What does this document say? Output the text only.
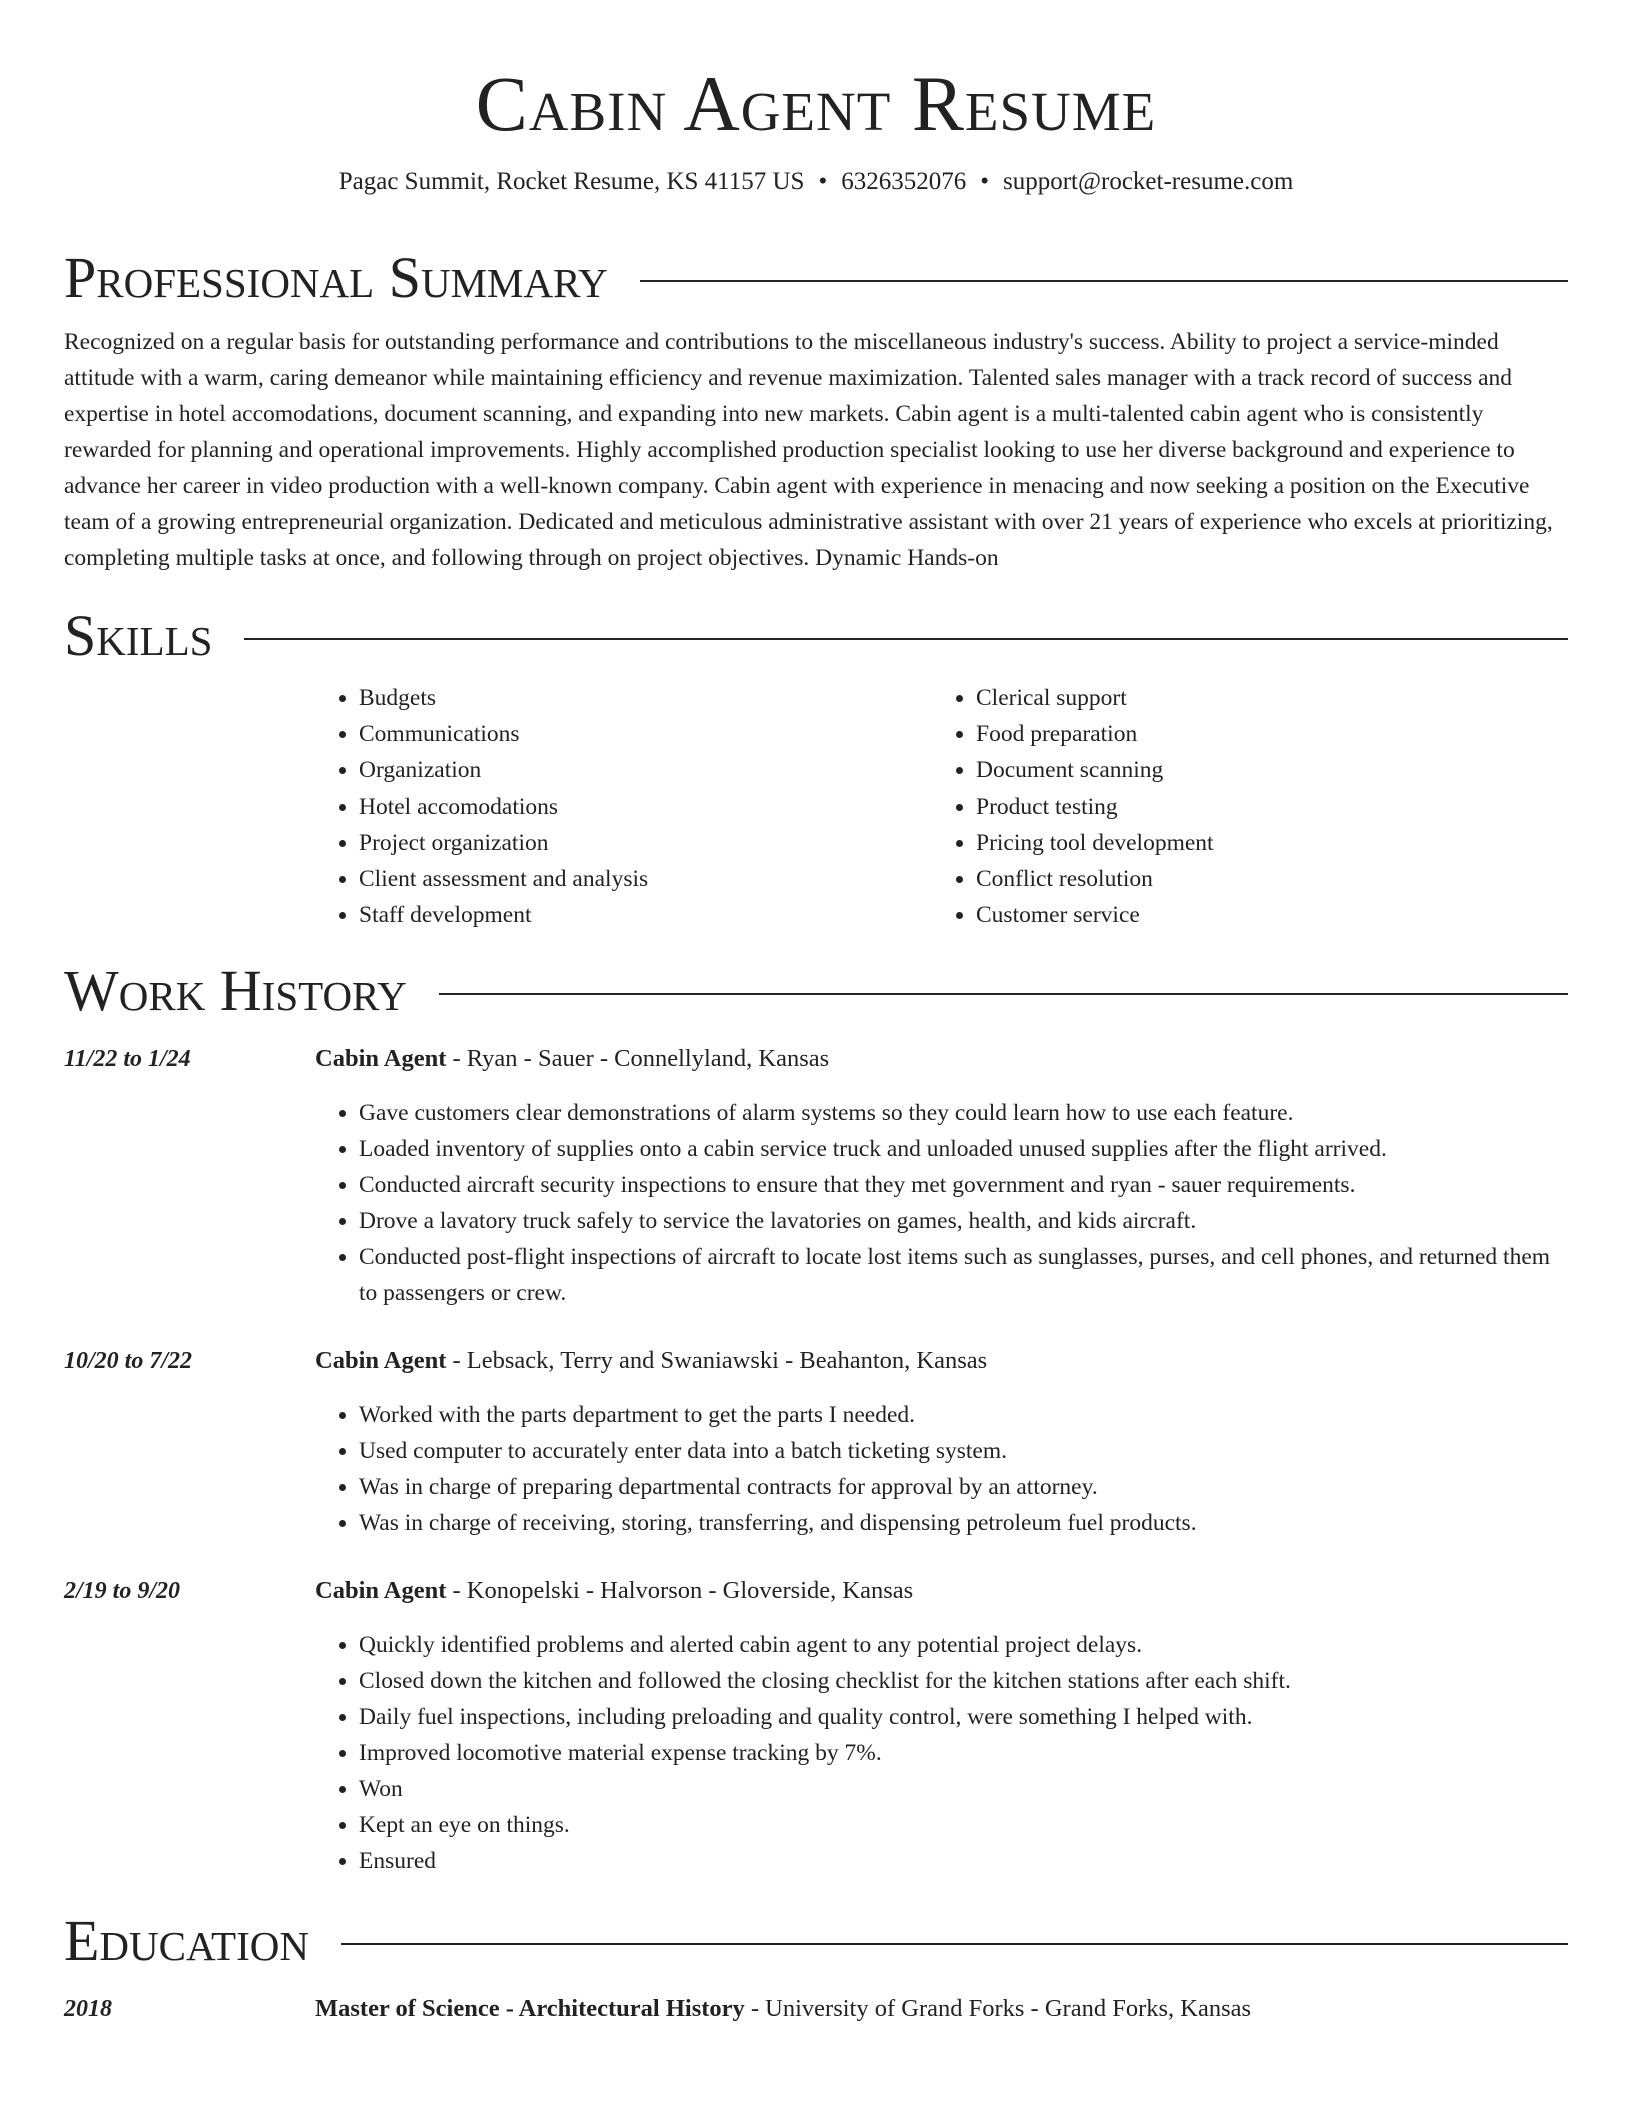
Cabin Agent Resume
Pagac Summit, Rocket Resume, KS 41157 US • 6326352076 • support@rocket-resume.com
Professional Summary

Recognized on a regular basis for outstanding performance and contributions to the miscellaneous industry's success. Ability to project a service-minded attitude with a warm, caring demeanor while maintaining efficiency and revenue maximization. Talented sales manager with a track record of success and expertise in hotel accomodations, document scanning, and expanding into new markets. Cabin agent is a multi-talented cabin agent who is consistently rewarded for planning and operational improvements. Highly accomplished production specialist looking to use her diverse background and experience to advance her career in video production with a well-known company. Cabin agent with experience in menacing and now seeking a position on the Executive team of a growing entrepreneurial organization. Dedicated and meticulous administrative assistant with over 21 years of experience who excels at prioritizing, completing multiple tasks at once, and following through on project objectives. Dynamic Hands-on

Skills
• Budgets
• Communications
• Organization
• Hotel accomodations
• Project organization
• Client assessment and analysis
• Staff development
• Clerical support
• Food preparation
• Document scanning
• Product testing
• Pricing tool development
• Conflict resolution
• Customer service
Work History
11/22 to 1/24	Cabin Agent - Ryan - Sauer - Connellyland, Kansas
• Gave customers clear demonstrations of alarm systems so they could learn how to use each feature.
• Loaded inventory of supplies onto a cabin service truck and unloaded unused supplies after the flight arrived.
• Conducted aircraft security inspections to ensure that they met government and ryan - sauer requirements.
• Drove a lavatory truck safely to service the lavatories on games, health, and kids aircraft.
• Conducted post-flight inspections of aircraft to locate lost items such as sunglasses, purses, and cell phones, and returned them to passengers or crew.
10/20 to 7/22	Cabin Agent - Lebsack, Terry and Swaniawski - Beahanton, Kansas
• Worked with the parts department to get the parts I needed.
• Used computer to accurately enter data into a batch ticketing system.
• Was in charge of preparing departmental contracts for approval by an attorney.
• Was in charge of receiving, storing, transferring, and dispensing petroleum fuel products.
2/19 to 9/20	Cabin Agent - Konopelski - Halvorson - Gloverside, Kansas
• Quickly identified problems and alerted cabin agent to any potential project delays.
• Closed down the kitchen and followed the closing checklist for the kitchen stations after each shift.
• Daily fuel inspections, including preloading and quality control, were something I helped with.
• Improved locomotive material expense tracking by 7%.
• Won
• Kept an eye on things.
• Ensured
Education
2018	Master of Science - Architectural History - University of Grand Forks - Grand Forks, Kansas
